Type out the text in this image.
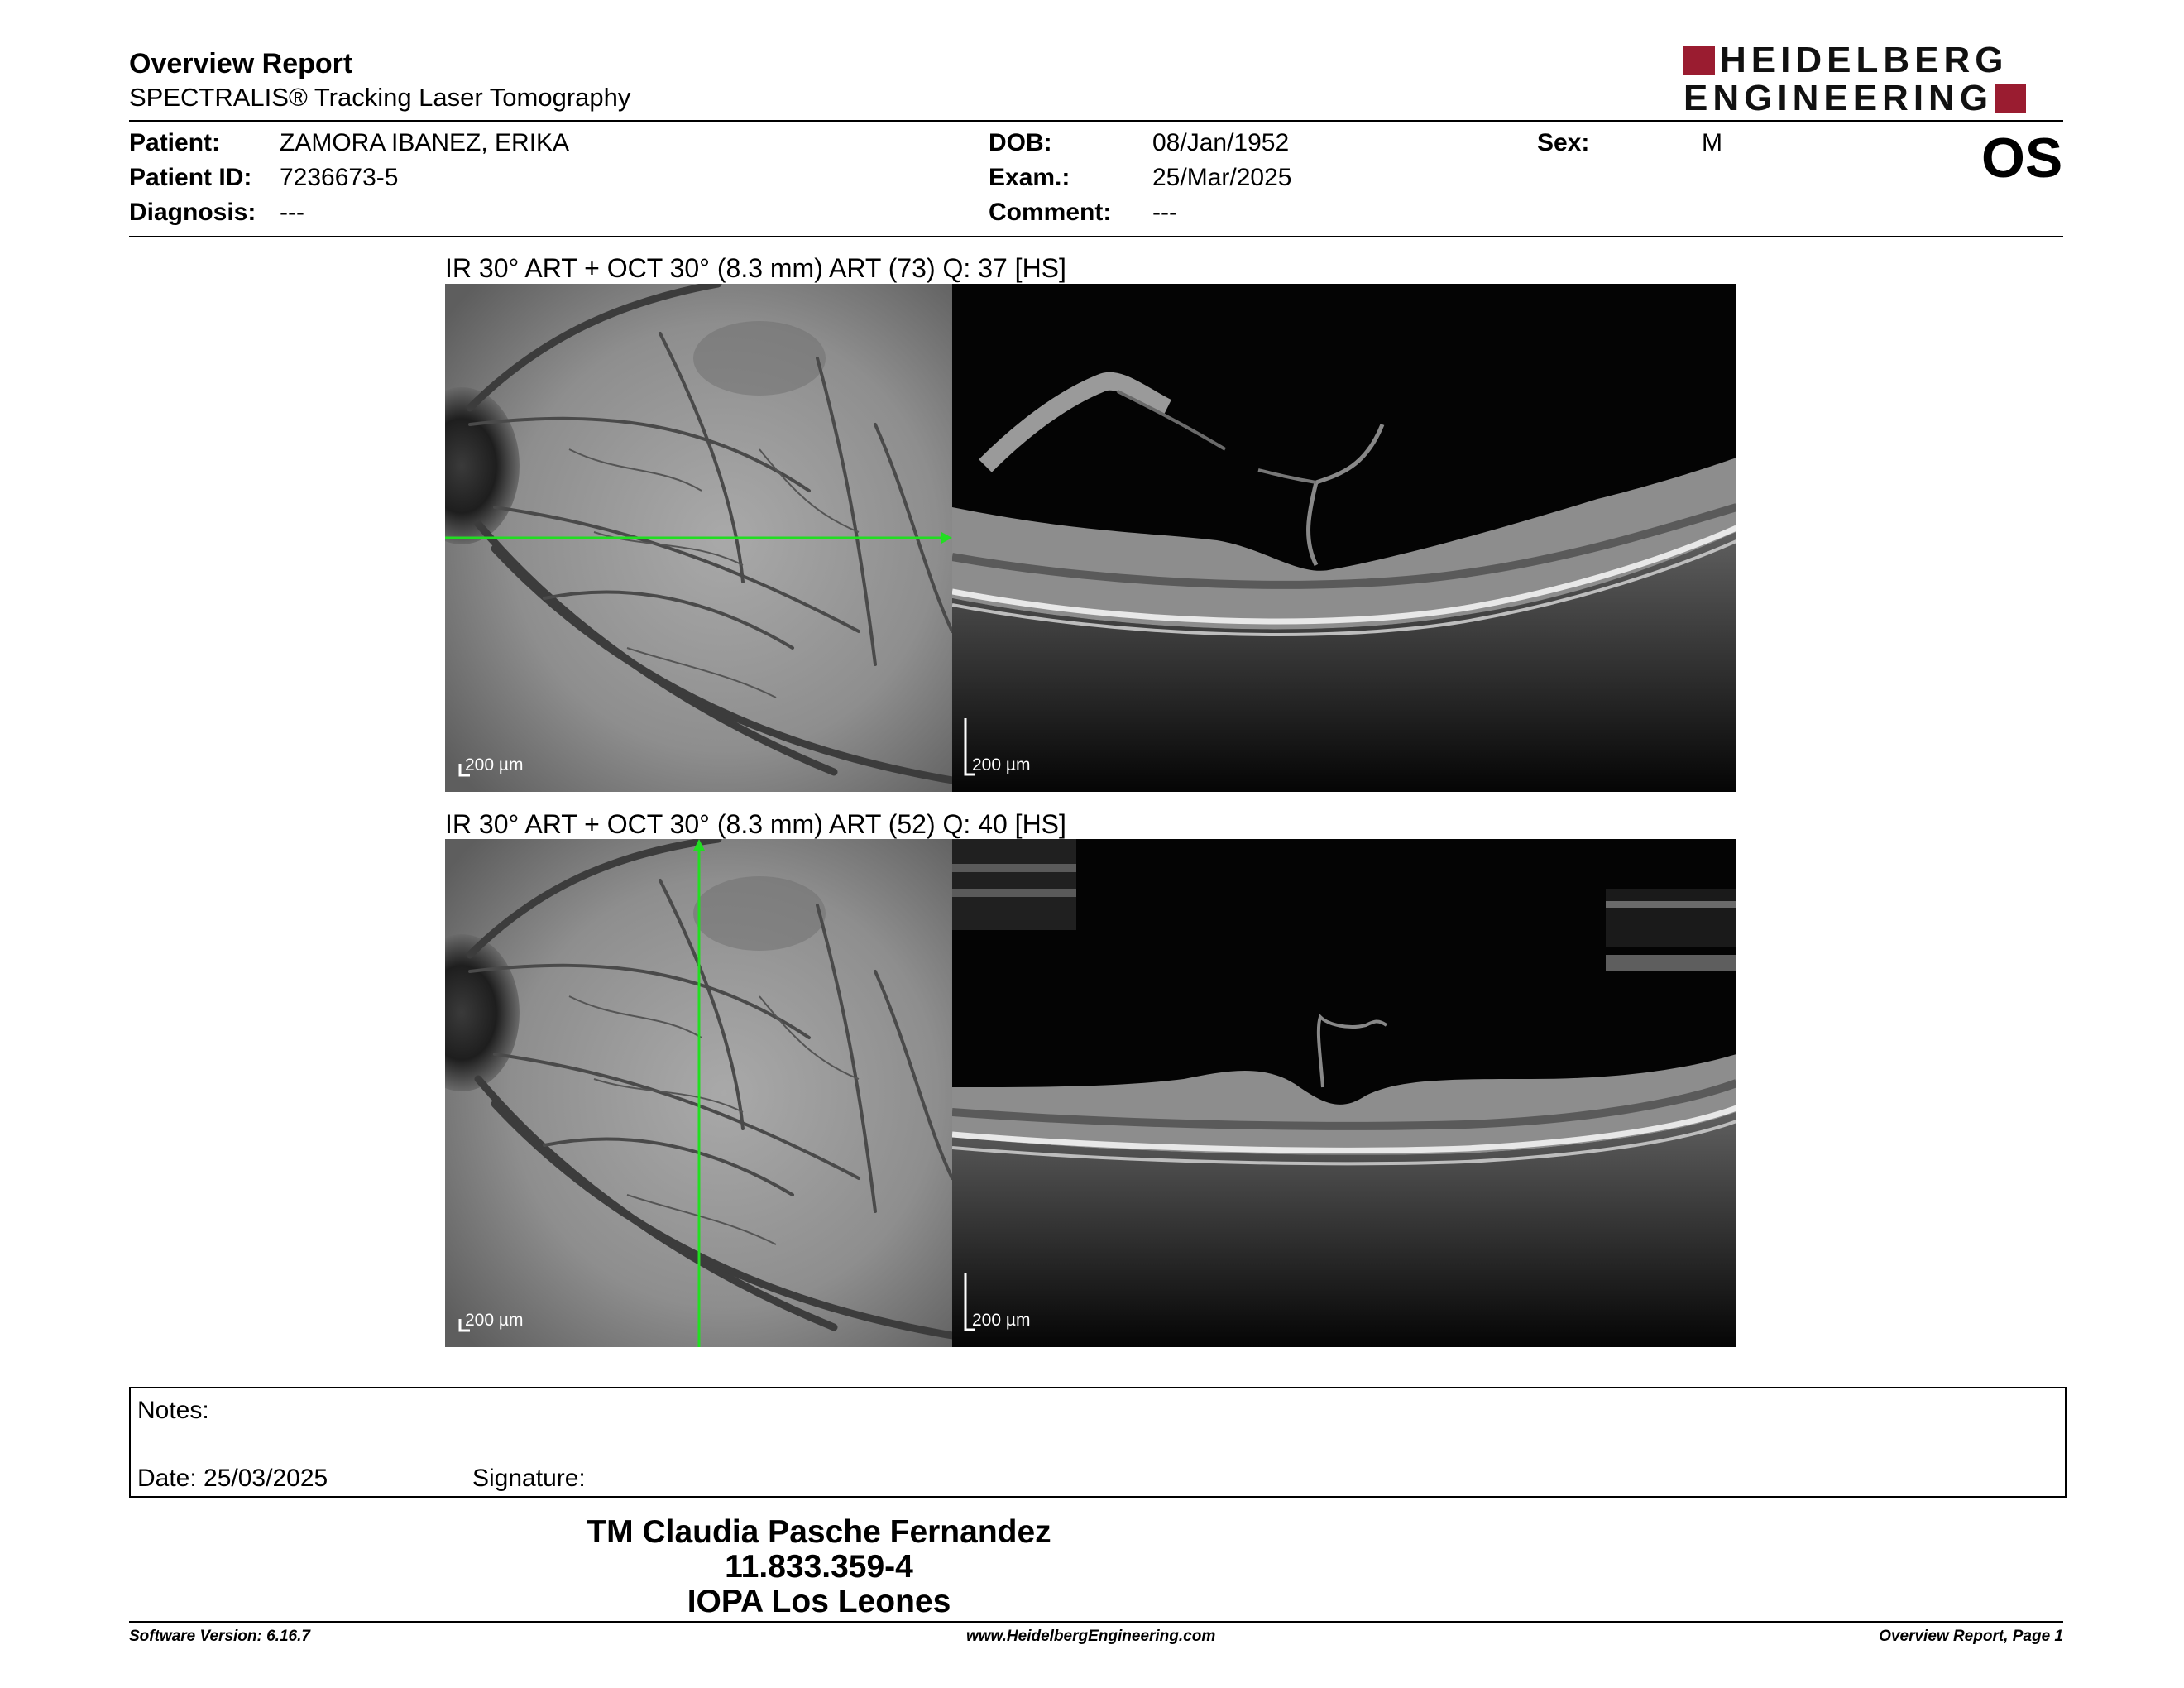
Overview Report
SPECTRALIS® Tracking Laser Tomography
HEIDELBERG
ENGINEERING
Patient: ZAMORA IBANEZ, ERIKA
Patient ID: 7236673-5
Diagnosis: ---
DOB:	08/Jan/1952
Exam.:	25/Mar/2025
Comment: ---
Sex:	M	OS
IR 30° ART + OCT 30° (8.3 mm) ART (73) Q: 37 [HS]
200 µm	200 µm
IR 30° ART + OCT 30° (8.3 mm) ART (52) Q: 40 [HS]
200 µm	200 µm
Notes:
Date: 25/03/2025	Signature:
TM Claudia Pasche Fernandez
11.833.359-4
IOPA Los Leones
Software Version: 6.16.7	www.HeidelbergEngineering.com	Overview Report, Page 1
